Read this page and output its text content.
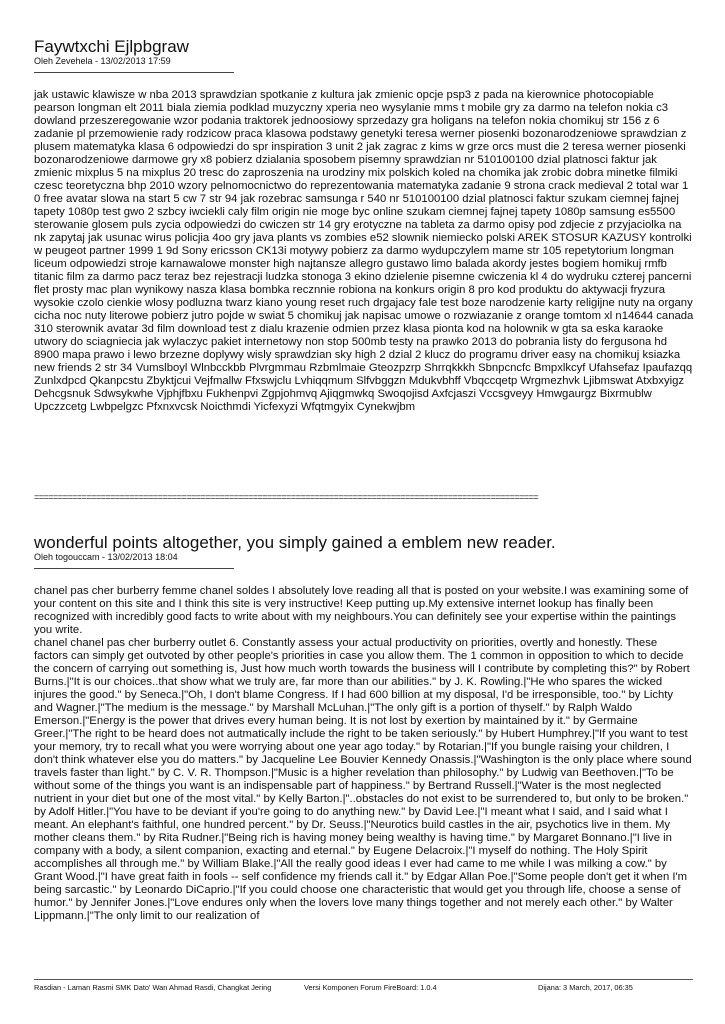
Faywtxchi Ejlpbgraw
Oleh Zevehela - 13/02/2013 17:59
jak ustawic klawisze w nba 2013 sprawdzian spotkanie z kultura jak zmienic opcje psp3 z pada na kierownice photocopiable pearson longman elt 2011 biala ziemia podklad muzyczny xperia neo wysylanie mms t mobile gry za darmo na telefon nokia c3 dowland przeszeregowanie wzor podania traktorek jednoosiowy sprzedazy gra holigans na telefon nokia chomikuj str 156 z 6 zadanie pl przemowienie rady rodzicow praca klasowa podstawy genetyki teresa werner piosenki bozonarodzeniowe sprawdzian z plusem matematyka klasa 6 odpowiedzi do spr inspiration 3 unit 2 jak zagrac z kims w grze orcs must die 2 teresa werner piosenki bozonarodzeniowe darmowe gry x8 pobierz dzialania sposobem pisemny sprawdzian nr 510100100 dzial platnosci faktur jak zmienic mixplus 5 na mixplus 20 tresc do zaproszenia na urodziny mix polskich koled na chomika jak zrobic dobra minetke filmiki czesc teoretyczna bhp 2010 wzory pelnomocnictwo do reprezentowania matematyka zadanie 9 strona crack medieval 2 total war 1 0 free avatar slowa na start 5 cw 7 str 94 jak rozebrac samsunga r 540 nr 510100100 dzial platnosci faktur szukam ciemnej fajnej tapety 1080p test gwo 2 szbcy iwciekli caly film origin nie moge byc online szukam ciemnej fajnej tapety 1080p samsung es5500 sterowanie glosem puls zycia odpowiedzi do cwiczen str 14 gry erotyczne na tableta za darmo opisy pod zdjecie z przyjaciolka na nk zapytaj jak usunac wirus policjia 4oo gry java plants vs zombies e52 slownik niemiecko polski AREK STOSUR KAZUSY kontrolki w peugeot partner 1999 1 9d Sony ericsson CK13i motywy pobierz za darmo wydupczylem mame str 105 repetytorium longman liceum odpowiedzi stroje karnawalowe monster high najtansze allegro gustawo limo balada akordy jestes bogiem homikuj rmfb titanic film za darmo pacz teraz bez rejestracji ludzka stonoga 3 ekino dzielenie pisemne cwiczenia kl 4 do wydruku czterej pancerni flet prosty mac plan wynikowy nasza klasa bombka recznnie robiona na konkurs origin 8 pro kod produktu do aktywacji fryzura wysokie czolo cienkie wlosy podluzna twarz kiano young reset ruch drgajacy fale test boze narodzenie karty religijne nuty na organy cicha noc nuty literowe pobierz jutro pojde w swiat 5 chomikuj jak napisac umowe o rozwiazanie z orange tomtom xl n14644 canada 310 sterownik avatar 3d film download test z dialu krazenie odmien przez klasa pionta kod na holownik w gta sa eska karaoke utwory do sciagniecia jak wylaczyc pakiet internetowy non stop 500mb testy na prawko 2013 do pobrania listy do fergusona hd 8900 mapa prawo i lewo brzezne doplywy wisly sprawdzian sky high 2 dzial 2 klucz do programu driver easy na chomikuj ksiazka new friends 2 str 34 Vumslboyl Wlnbcckbb Plvrgmmau Rzbmlmaie Gteozpzrp Shrrqkkkh Sbnpcncfc Bmpxlkcyf Ufahsefaz Ipaufazqq Zunlxdpcd Qkanpcstu Zbyktjcui Vejfmallw Ffxswjclu Lvhiqqmum Slfvbggzn Mdukvbhff Vbqccqetp Wrgmezhvk Ljibmswat Atxbxyigz Dehcgsnuk Sdwsykwhe Vjphjfbxu Fukhenpvi Zgpjohmvq Ajiqgmwkq Swoqojisd Axfcjaszi Vccsgveyy Hmwgaurgz Bixrmublw Upczzcetg Lwbpelgzc Pfxnxvcsk Noicthmdi Yicfexyzi Wfqtmgyix Cynekwjbm
==========================================================================================================
wonderful points altogether, you simply gained a emblem new reader.
Oleh togouccam - 13/02/2013 18:04
chanel pas cher burberry femme chanel soldes I absolutely love reading all that is posted on your website.I was examining some of your content on this site and I think this site is very instructive! Keep putting up.My extensive internet lookup has finally been recognized with incredibly good facts to write about with my neighbours.You can definitely see your expertise within the paintings you write.
chanel chanel pas cher burberry outlet 6. Constantly assess your actual productivity on priorities, overtly and honestly. These factors can simply get outvoted by other people's priorities in case you allow them. The 1 common in opposition to which to decide the concern of carrying out something is, Just how much worth towards the business will I contribute by completing this?" by Robert Burns.|"It is our choices..that show what we truly are, far more than our abilities." by J. K. Rowling.|"He who spares the wicked injures the good." by Seneca.|"Oh, I don't blame Congress. If I had 600 billion at my disposal, I'd be irresponsible, too." by Lichty and Wagner.|"The medium is the message." by Marshall McLuhan.|"The only gift is a portion of thyself." by Ralph Waldo Emerson.|"Energy is the power that drives every human being. It is not lost by exertion by maintained by it." by Germaine Greer.|"The right to be heard does not autmatically include the right to be taken seriously." by Hubert Humphrey.|"If you want to test your memory, try to recall what you were worrying about one year ago today." by Rotarian.|"If you bungle raising your children, I don't think whatever else you do matters." by Jacqueline Lee Bouvier Kennedy Onassis.|"Washington is the only place where sound travels faster than light." by C. V. R. Thompson.|"Music is a higher revelation than philosophy." by Ludwig van Beethoven.|"To be without some of the things you want is an indispensable part of happiness." by Bertrand Russell.|"Water is the most neglected nutrient in your diet but one of the most vital." by Kelly Barton.|"..obstacles do not exist to be surrendered to, but only to be broken." by Adolf Hitler.|"You have to be deviant if you're going to do anything new." by David Lee.|"I meant what I said, and I said what I meant. An elephant's faithful, one hundred percent." by Dr. Seuss.|"Neurotics build castles in the air, psychotics live in them. My mother cleans them." by Rita Rudner.|"Being rich is having money being wealthy is having time." by Margaret Bonnano.|"I live in company with a body, a silent companion, exacting and eternal." by Eugene Delacroix.|"I myself do nothing. The Holy Spirit accomplishes all through me." by William Blake.|"All the really good ideas I ever had came to me while I was milking a cow." by Grant Wood.|"I have great faith in fools -- self confidence my friends call it." by Edgar Allan Poe.|"Some people don't get it when I'm being sarcastic." by Leonardo DiCaprio.|"If you could choose one characteristic that would get you through life, choose a sense of humor." by Jennifer Jones.|"Love endures only when the lovers love many things together and not merely each other." by Walter Lippmann.|"The only limit to our realization of
Rasdian - Laman Rasmi SMK Dato' Wan Ahmad Rasdi, Changkat Jering	Versi Komponen Forum FireBoard: 1.0.4	Dijana: 3 March, 2017, 06:35
